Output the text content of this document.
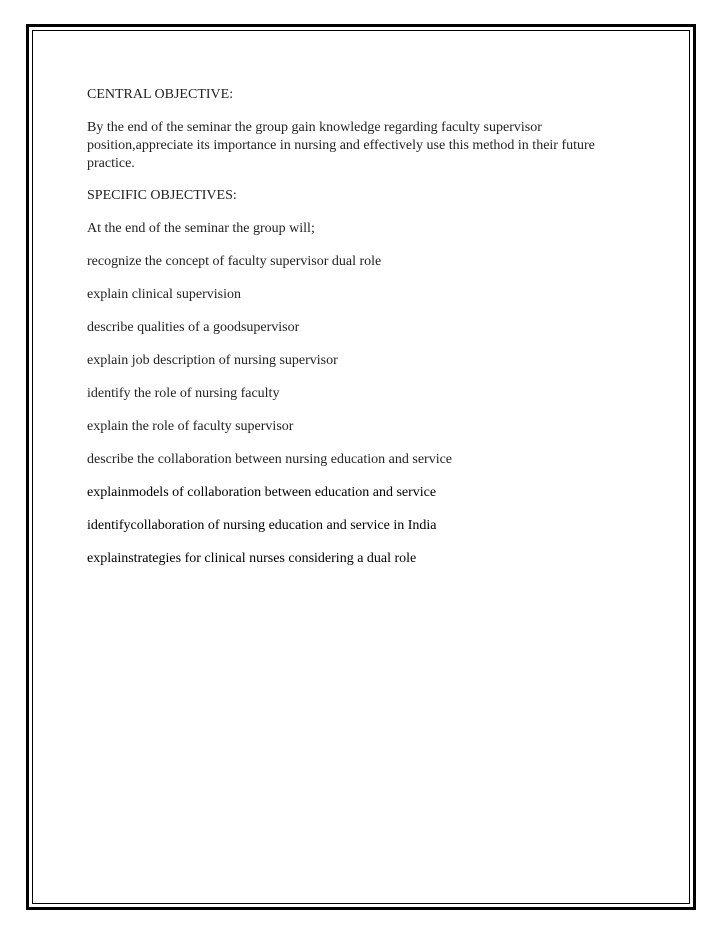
CENTRAL OBJECTIVE:

By the end of the seminar the group gain knowledge regarding faculty supervisor
position,appreciate its importance in nursing and effectively use this method in their future
practice.

SPECIFIC OBJECTIVES:

At the end of the seminar the group will;

recognize the concept of faculty supervisor dual role

explain clinical supervision

describe qualities of a goodsupervisor

explain job description of nursing supervisor

identify the role of nursing faculty

explain the role of faculty supervisor

describe the collaboration between nursing education and service

explainmodels of collaboration between education and service

identifycollaboration of nursing education and service in India

explainstrategies for clinical nurses considering a dual role
